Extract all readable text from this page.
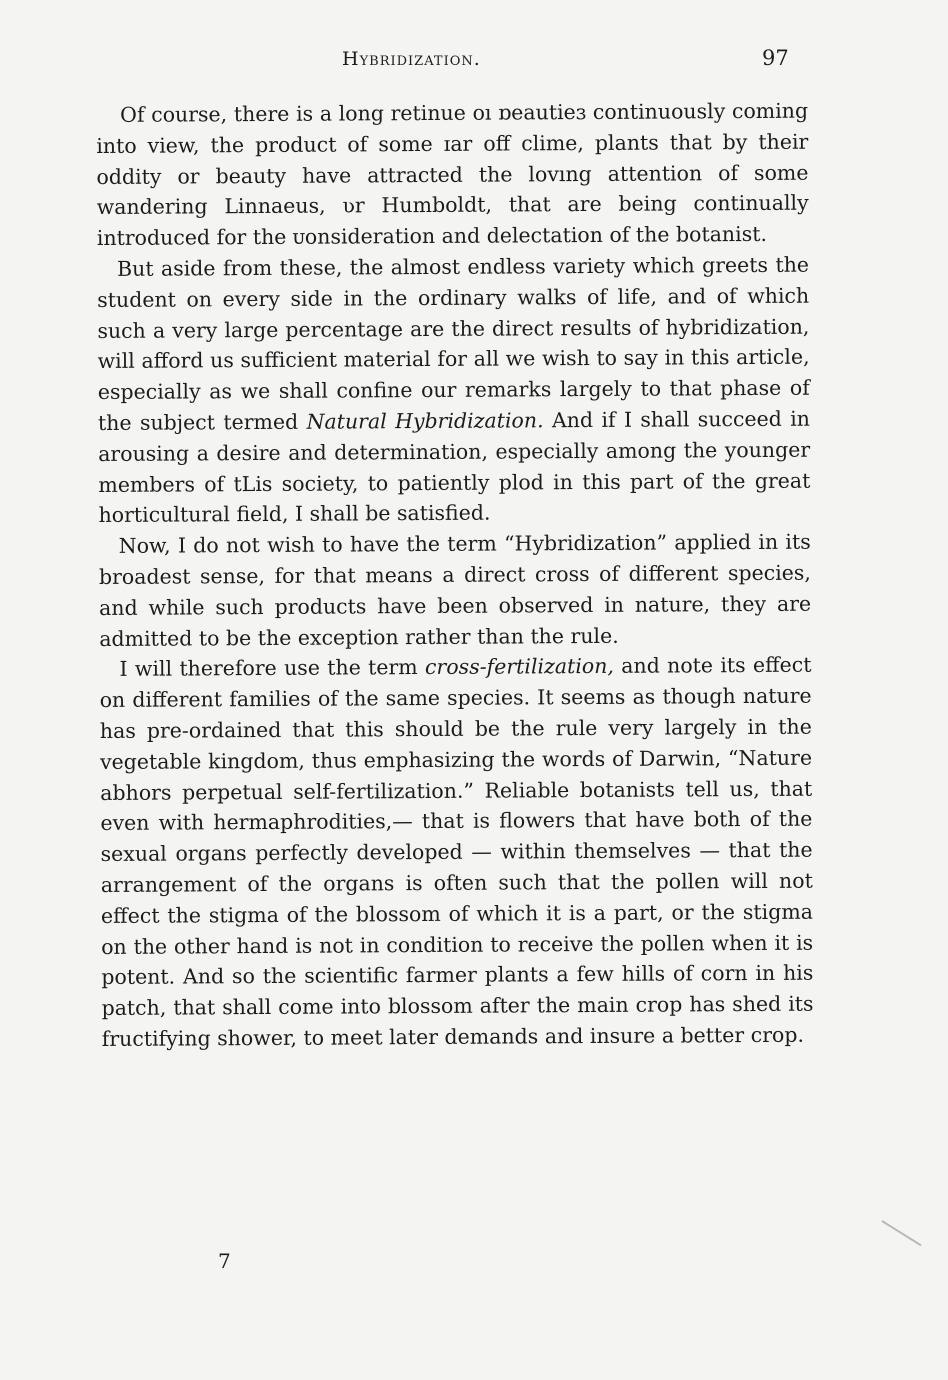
Hybridization.	97

Of course, there is a long retinue oı ɒeautieɜ continuously coming into view, the product of some ɪar off clime, plants that by their oddity or beauty have attracted the lovıng attention of some wandering Linnaeus, ʋr Humboldt, that are being continually introduced for the ᴜonsideration and delectation of the botanist.

But aside from these, the almost endless variety which greets the student on every side in the ordinary walks of life, and of which such a very large percentage are the direct results of hybridization, will afford us sufficient material for all we wish to say in this article, especially as we shall confine our remarks largely to that phase of the subject termed Natural Hybridization. And if I shall succeed in arousing a desire and determination, especially among the younger members of tLis society, to patiently plod in this part of the great horticultural field, I shall be satisfied.

Now, I do not wish to have the term “Hybridization” applied in its broadest sense, for that means a direct cross of different species, and while such products have been observed in nature, they are admitted to be the exception rather than the rule.

I will therefore use the term cross-fertilization, and note its effect on different families of the same species. It seems as though nature has pre-ordained that this should be the rule very largely in the vegetable kingdom, thus emphasizing the words of Darwin, “Nature abhors perpetual self-fertilization.” Reliable botanists tell us, that even with hermaphrodities,— that is flowers that have both of the sexual organs perfectly developed — within themselves — that the arrangement of the organs is often such that the pollen will not effect the stigma of the blossom of which it is a part, or the stigma on the other hand is not in condition to receive the pollen when it is potent. And so the scientific farmer plants a few hills of corn in his patch, that shall come into blossom after the main crop has shed its fructifying shower, to meet later demands and insure a better crop.

7
